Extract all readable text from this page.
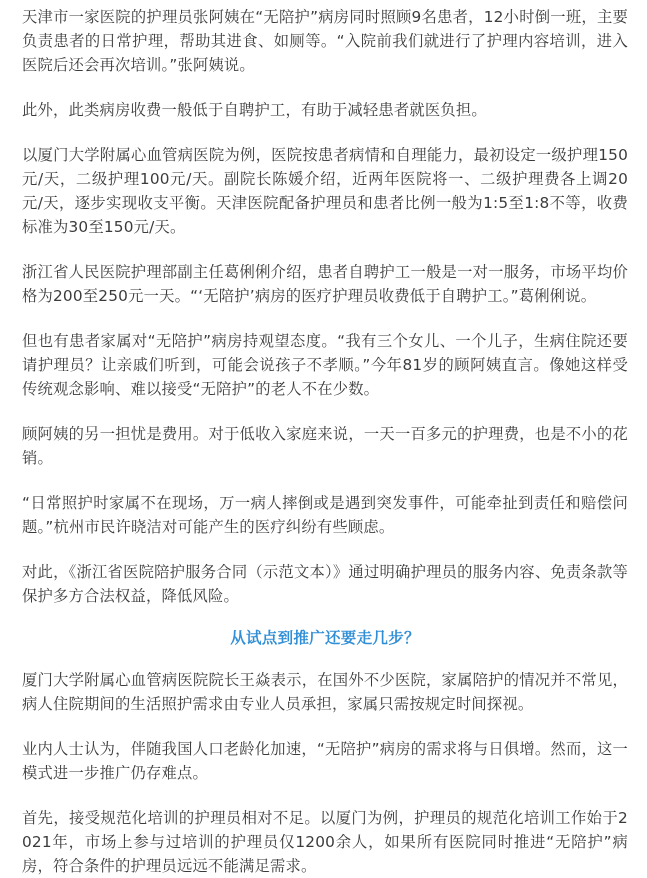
天津市一家医院的护理员张阿姨在“无陪护”病房同时照顾9名患者，12小时倒一班，主要负责患者的日常护理，帮助其进食、如厕等。“入院前我们就进行了护理内容培训，进入医院后还会再次培训。”张阿姨说。

此外，此类病房收费一般低于自聘护工，有助于减轻患者就医负担。

以厦门大学附属心血管病医院为例，医院按患者病情和自理能力，最初设定一级护理150元/天，二级护理100元/天。副院长陈媛介绍，近两年医院将一、二级护理费各上调20元/天，逐步实现收支平衡。天津医院配备护理员和患者比例一般为1:5至1:8不等，收费标准为30至150元/天。

浙江省人民医院护理部副主任葛俐俐介绍，患者自聘护工一般是一对一服务，市场平均价格为200至250元一天。“‘无陪护’病房的医疗护理员收费低于自聘护工。”葛俐俐说。

但也有患者家属对“无陪护”病房持观望态度。“我有三个女儿、一个儿子，生病住院还要请护理员？让亲戚们听到，可能会说孩子不孝顺。”今年81岁的顾阿姨直言。像她这样受传统观念影响、难以接受“无陪护”的老人不在少数。

顾阿姨的另一担忧是费用。对于低收入家庭来说，一天一百多元的护理费，也是不小的花销。

“日常照护时家属不在现场，万一病人摔倒或是遇到突发事件，可能牵扯到责任和赔偿问题。”杭州市民许晓洁对可能产生的医疗纠纷有些顾虑。

对此，《浙江省医院陪护服务合同（示范文本）》通过明确护理员的服务内容、免责条款等保护多方合法权益，降低风险。

从试点到推广还要走几步？

厦门大学附属心血管病医院院长王焱表示，在国外不少医院，家属陪护的情况并不常见，病人住院期间的生活照护需求由专业人员承担，家属只需按规定时间探视。

业内人士认为，伴随我国人口老龄化加速，“无陪护”病房的需求将与日俱增。然而，这一模式进一步推广仍存难点。

首先，接受规范化培训的护理员相对不足。以厦门为例，护理员的规范化培训工作始于2021年，市场上参与过培训的护理员仅1200余人，如果所有医院同时推进“无陪护”病房，符合条件的护理员远远不能满足需求。
